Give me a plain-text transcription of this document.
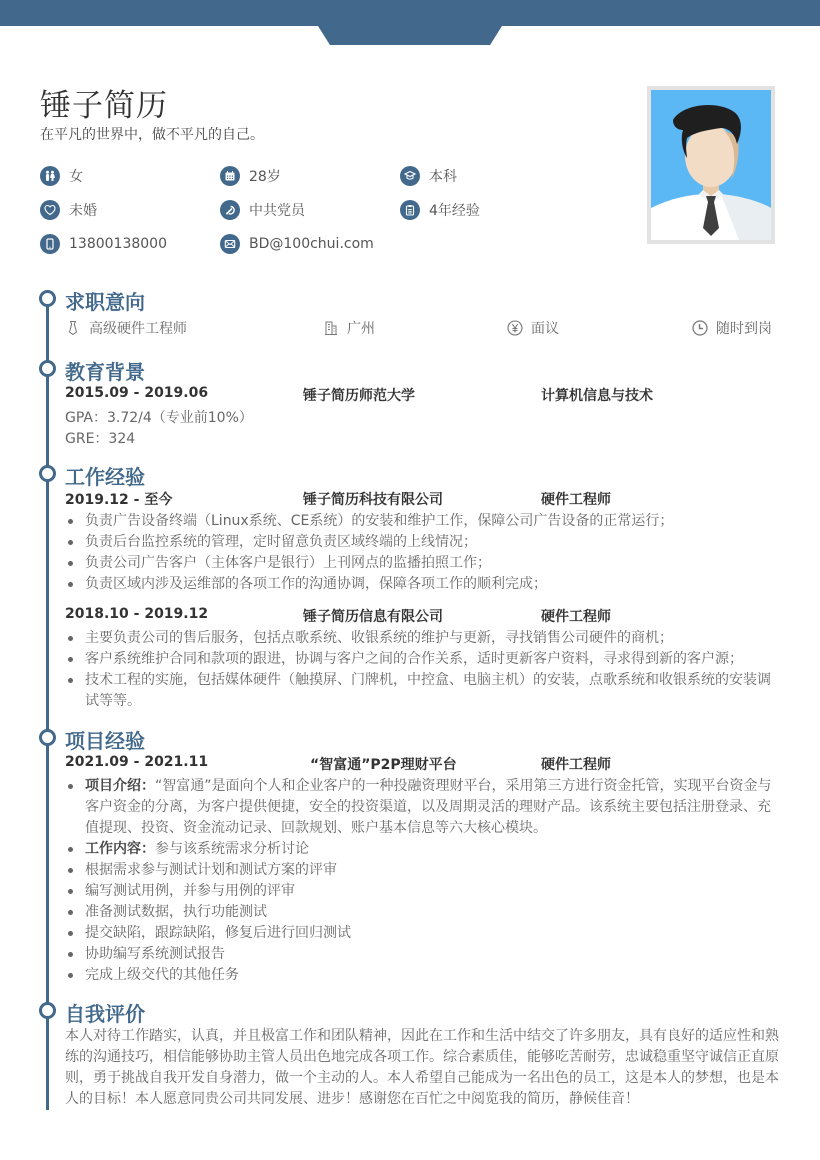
锤子简历
在平凡的世界中，做不平凡的自己。
女	28岁	本科
未婚	中共党员	4年经验
13800138000	BD@100chui.com
求职意向
高级硬件工程师	广州	面议	随时到岗
教育背景
2015.09 - 2019.06	锤子简历师范大学	计算机信息与技术
GPA：3.72/4（专业前10%）
GRE：324
工作经验
2019.12 - 至今	锤子简历科技有限公司	硬件工程师
负责广告设备终端（Linux系统、CE系统）的安装和维护工作，保障公司广告设备的正常运行；
负责后台监控系统的管理，定时留意负责区域终端的上线情况；
负责公司广告客户（主体客户是银行）上刊网点的监播拍照工作；
负责区域内涉及运维部的各项工作的沟通协调，保障各项工作的顺利完成；
2018.10 - 2019.12	锤子简历信息有限公司	硬件工程师
主要负责公司的售后服务，包括点歌系统、收银系统的维护与更新，寻找销售公司硬件的商机；
客户系统维护合同和款项的跟进，协调与客户之间的合作关系，适时更新客户资料，寻求得到新的客户源；
技术工程的实施，包括媒体硬件（触摸屏、门牌机，中控盒、电脑主机）的安装，点歌系统和收银系统的安装调试等等。
项目经验
2021.09 - 2021.11	“智富通”P2P理财平台	硬件工程师
项目介绍：“智富通”是面向个人和企业客户的一种投融资理财平台，采用第三方进行资金托管，实现平台资金与客户资金的分离，为客户提供便捷，安全的投资渠道，以及周期灵活的理财产品。该系统主要包括注册登录、充值提现、投资、资金流动记录、回款规划、账户基本信息等六大核心模块。
工作内容：参与该系统需求分析讨论
根据需求参与测试计划和测试方案的评审
编写测试用例，并参与用例的评审
准备测试数据，执行功能测试
提交缺陷，跟踪缺陷，修复后进行回归测试
协助编写系统测试报告
完成上级交代的其他任务
自我评价

本人对待工作踏实，认真，并且极富工作和团队精神，因此在工作和生活中结交了许多朋友，具有良好的适应性和熟练的沟通技巧，相信能够协助主管人员出色地完成各项工作。综合素质佳，能够吃苦耐劳，忠诚稳重坚守诚信正直原则，勇于挑战自我开发自身潜力，做一个主动的人。本人希望自己能成为一名出色的员工，这是本人的梦想，也是本人的目标！本人愿意同贵公司共同发展、进步！感谢您在百忙之中阅览我的简历，静候佳音！
